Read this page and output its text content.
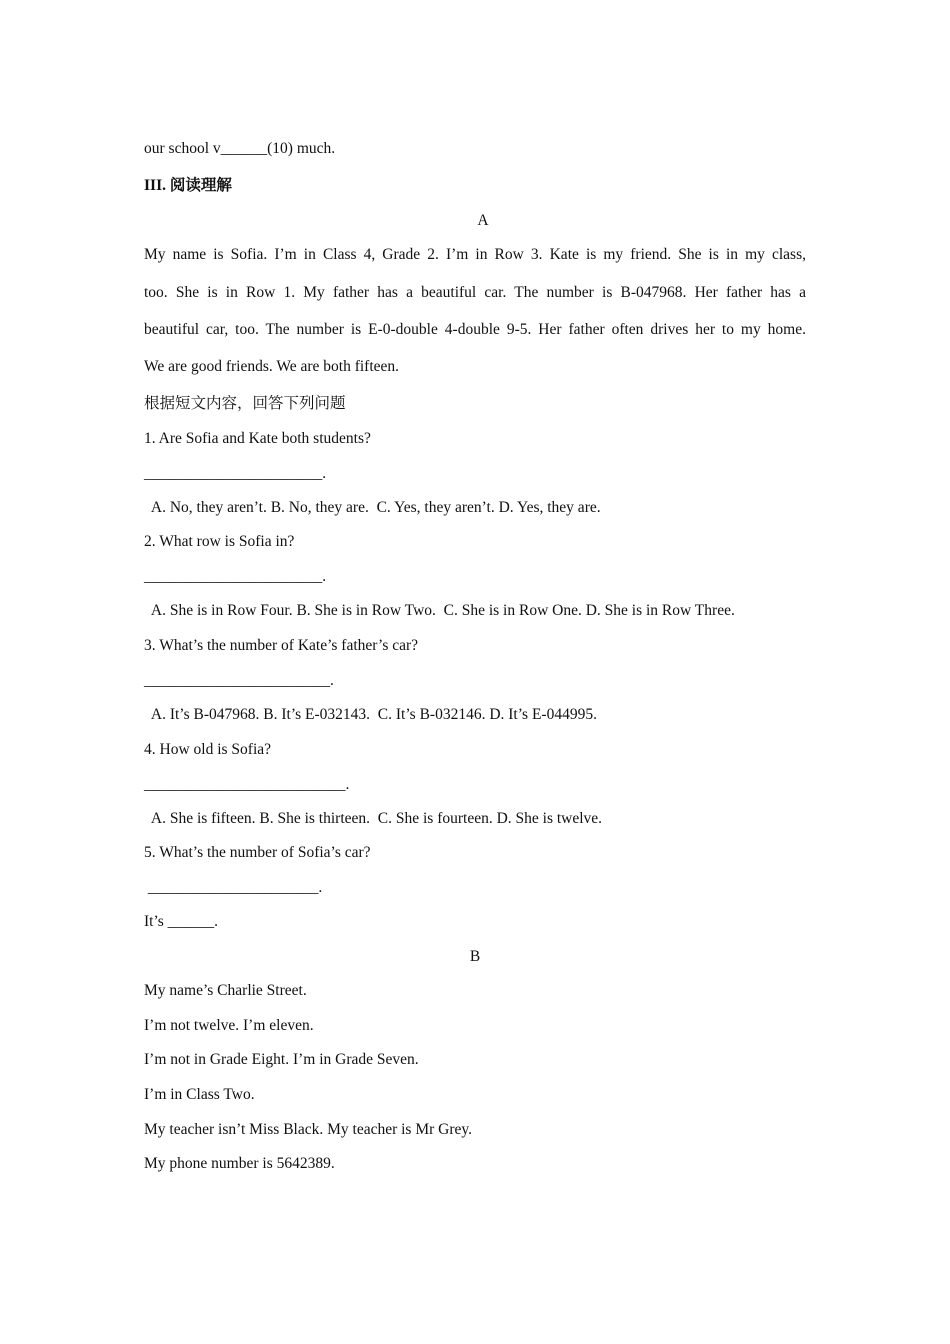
our school v______(10) much.
III. 阅读理解
A
My name is Sofia. I’m in Class 4, Grade 2. I’m in Row 3. Kate is my friend. She is in my class,
too. She is in Row 1. My father has a beautiful car. The number is B-047968. Her father has a
beautiful car, too. The number is E-0-double 4-double 9-5. Her father often drives her to my home.
We are good friends. We are both fifteen.
根据短文内容，回答下列问题
1. Are Sofia and Kate both students?
_______________________.
A. No, they aren’t. B. No, they are.  C. Yes, they aren’t. D. Yes, they are.
2. What row is Sofia in?
_______________________.
A. She is in Row Four. B. She is in Row Two.  C. She is in Row One. D. She is in Row Three.
3. What’s the number of Kate’s father’s car?
________________________.
A. It’s B-047968. B. It’s E-032143.  C. It’s B-032146. D. It’s E-044995.
4. How old is Sofia?
__________________________.
A. She is fifteen. B. She is thirteen.  C. She is fourteen. D. She is twelve.
5. What’s the number of Sofia’s car?
______________________.
It’s ______.
B
My name’s Charlie Street.
I’m not twelve. I’m eleven.
I’m not in Grade Eight. I’m in Grade Seven.
I’m in Class Two.
My teacher isn’t Miss Black. My teacher is Mr Grey.
My phone number is 5642389.
